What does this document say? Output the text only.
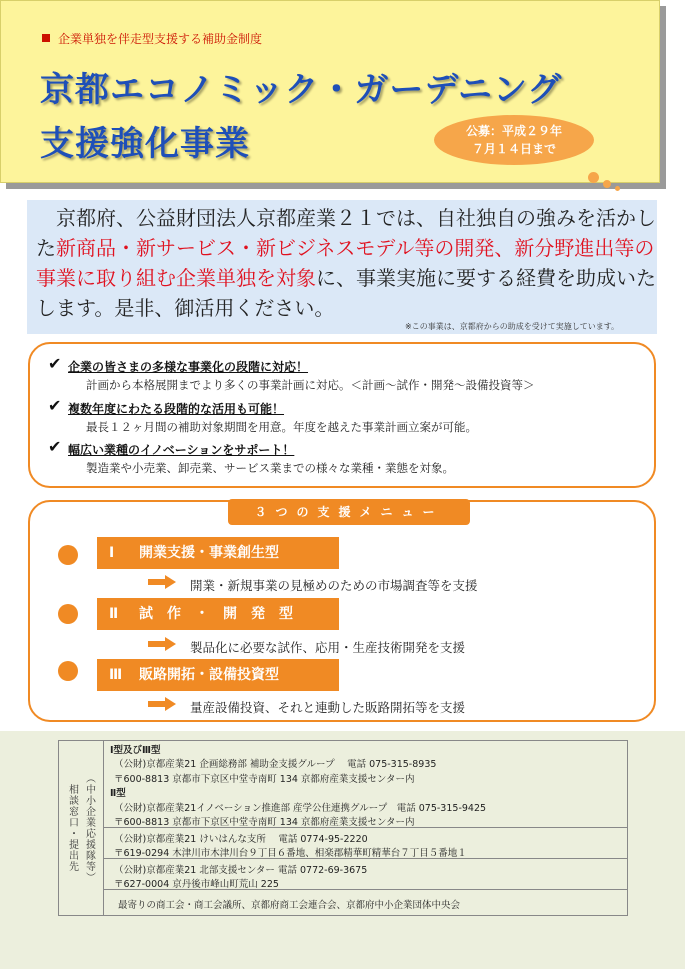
企業単独を伴走型支援する補助金制度
京都エコノミック・ガーデニング
支援強化事業	公募：平成２９年
７月１４日まで
　京都府、公益財団法人京都産業２１では、自社独自の強みを活かした新商品・新サービス・新ビジネスモデル等の開発、新分野進出等の事業に取り組む企業単独を対象に、事業実施に要する経費を助成いたします。是非、御活用ください。
※この事業は、京都府からの助成を受けて実施しています。
✔ 企業の皆さまの多様な事業化の段階に対応！
計画から本格展開までより多くの事業計画に対応。＜計画～試作・開発～設備投資等＞
✔ 複数年度にわたる段階的な活用も可能！
最長１２ヶ月間の補助対象期間を用意。年度を越えた事業計画立案が可能。
✔ 幅広い業種のイノベーションをサポート！
製造業や小売業、卸売業、サービス業までの様々な業種・業態を対象。
３つの支援メニュー
Ⅰ 開業支援・事業創生型
開業・新規事業の見極めのための市場調査等を支援
Ⅱ 試　作　・　開　発　型
製品化に必要な試作、応用・生産技術開発を支援
Ⅲ 販路開拓・設備投資型
量産設備投資、それと連動した販路開拓等を支援
相談窓口・提出先 （中小企業応援隊等）
Ⅰ型及びⅢ型
（公財)京都産業21 企画総務部 補助金支援グループ　 電話 075-315-8935
〒600-8813 京都市下京区中堂寺南町 134 京都府産業支援センター内
Ⅱ型
（公財)京都産業21イノベーション推進部 産学公住連携グループ　電話 075-315-9425
〒600-8813 京都市下京区中堂寺南町 134 京都府産業支援センター内
（公財)京都産業21 けいはんな支所　 電話 0774-95-2220
〒619-0294 木津川市木津川台９丁目６番地、相楽郡精華町精華台７丁目５番地１
（公財)京都産業21 北部支援センター 電話 0772-69-3675
〒627-0004 京丹後市峰山町荒山 225
最寄りの商工会・商工会議所、京都府商工会連合会、京都府中小企業団体中央会
